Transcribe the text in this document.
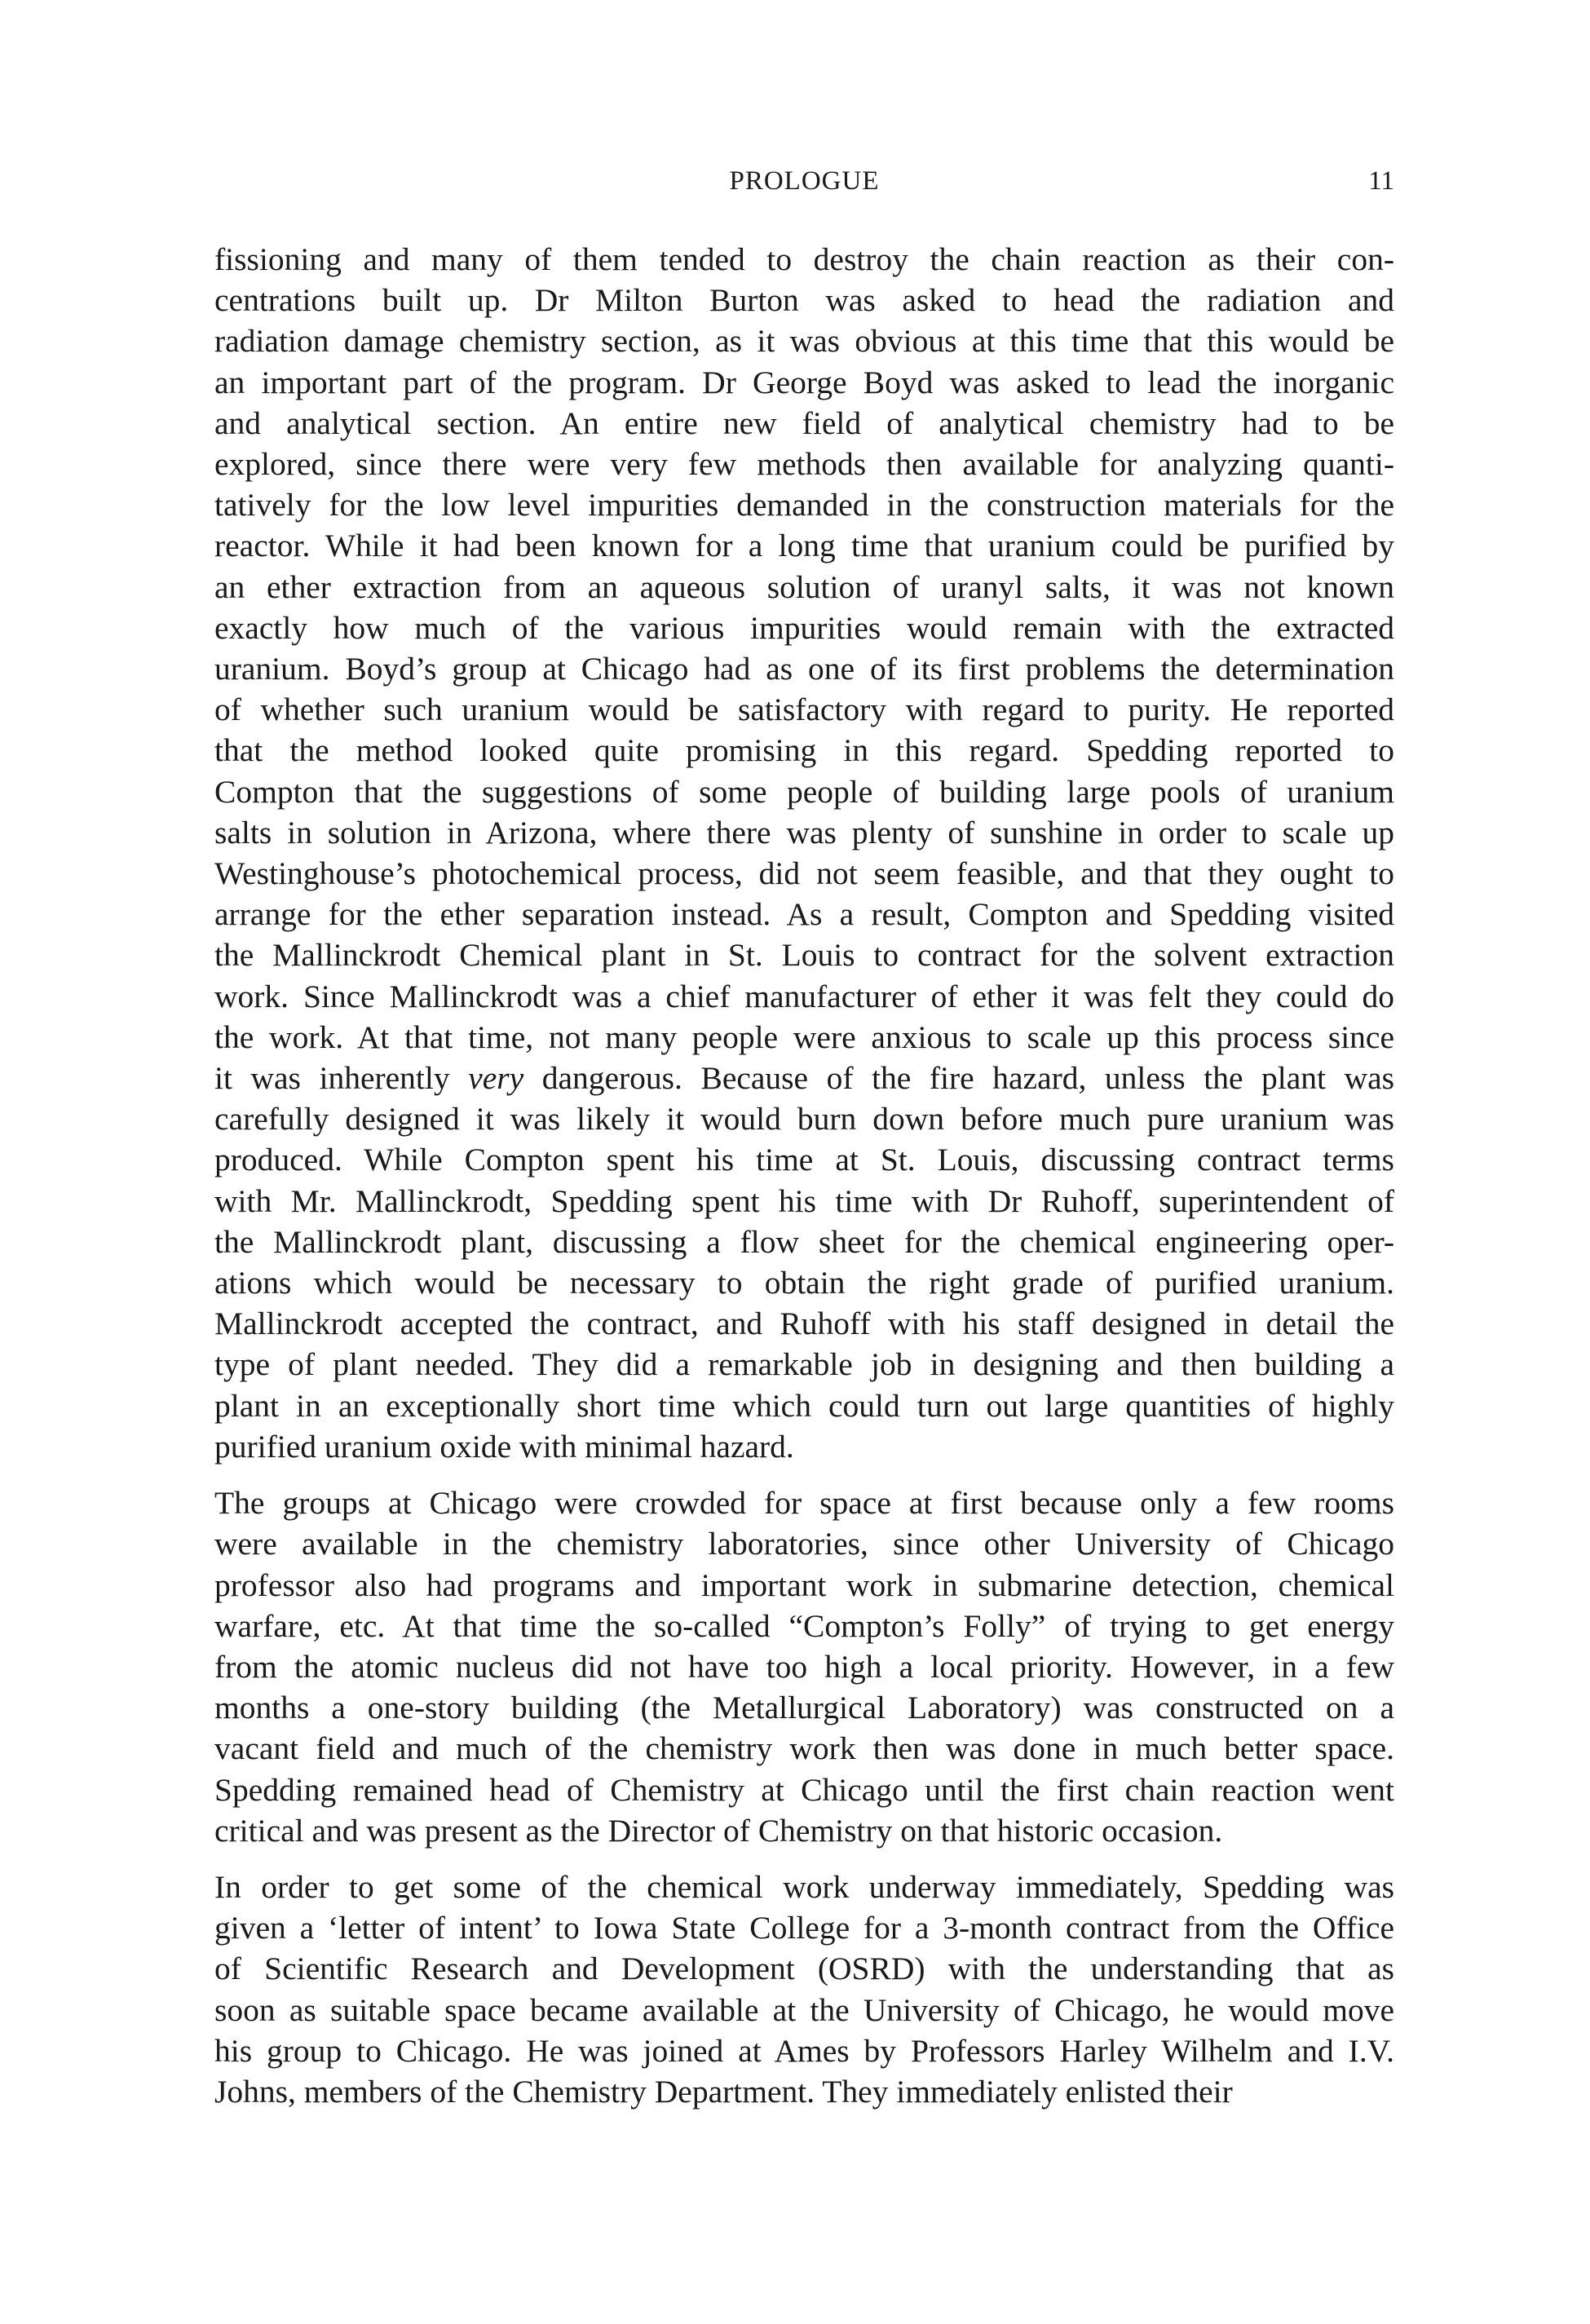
PROLOGUE	11

fissioning and many of them tended to destroy the chain reaction as their con-
centrations built up. Dr Milton Burton was asked to head the radiation and
radiation damage chemistry section, as it was obvious at this time that this would be
an important part of the program. Dr George Boyd was asked to lead the inorganic
and analytical section. An entire new field of analytical chemistry had to be
explored, since there were very few methods then available for analyzing quanti-
tatively for the low level impurities demanded in the construction materials for the
reactor. While it had been known for a long time that uranium could be purified by
an ether extraction from an aqueous solution of uranyl salts, it was not known
exactly how much of the various impurities would remain with the extracted
uranium. Boyd’s group at Chicago had as one of its first problems the determination
of whether such uranium would be satisfactory with regard to purity. He reported
that the method looked quite promising in this regard. Spedding reported to
Compton that the suggestions of some people of building large pools of uranium
salts in solution in Arizona, where there was plenty of sunshine in order to scale up
Westinghouse’s photochemical process, did not seem feasible, and that they ought to
arrange for the ether separation instead. As a result, Compton and Spedding visited
the Mallinckrodt Chemical plant in St. Louis to contract for the solvent extraction
work. Since Mallinckrodt was a chief manufacturer of ether it was felt they could do
the work. At that time, not many people were anxious to scale up this process since
it was inherently very dangerous. Because of the fire hazard, unless the plant was
carefully designed it was likely it would burn down before much pure uranium was
produced. While Compton spent his time at St. Louis, discussing contract terms
with Mr. Mallinckrodt, Spedding spent his time with Dr Ruhoff, superintendent of
the Mallinckrodt plant, discussing a flow sheet for the chemical engineering oper-
ations which would be necessary to obtain the right grade of purified uranium.
Mallinckrodt accepted the contract, and Ruhoff with his staff designed in detail the
type of plant needed. They did a remarkable job in designing and then building a
plant in an exceptionally short time which could turn out large quantities of highly
purified uranium oxide with minimal hazard.

The groups at Chicago were crowded for space at first because only a few rooms
were available in the chemistry laboratories, since other University of Chicago
professor also had programs and important work in submarine detection, chemical
warfare, etc. At that time the so-called “Compton’s Folly” of trying to get energy
from the atomic nucleus did not have too high a local priority. However, in a few
months a one-story building (the Metallurgical Laboratory) was constructed on a
vacant field and much of the chemistry work then was done in much better space.
Spedding remained head of Chemistry at Chicago until the first chain reaction went
critical and was present as the Director of Chemistry on that historic occasion.

In order to get some of the chemical work underway immediately, Spedding was
given a ‘letter of intent’ to Iowa State College for a 3-month contract from the Office
of Scientific Research and Development (OSRD) with the understanding that as
soon as suitable space became available at the University of Chicago, he would move
his group to Chicago. He was joined at Ames by Professors Harley Wilhelm and I.V.
Johns, members of the Chemistry Department. They immediately enlisted their
